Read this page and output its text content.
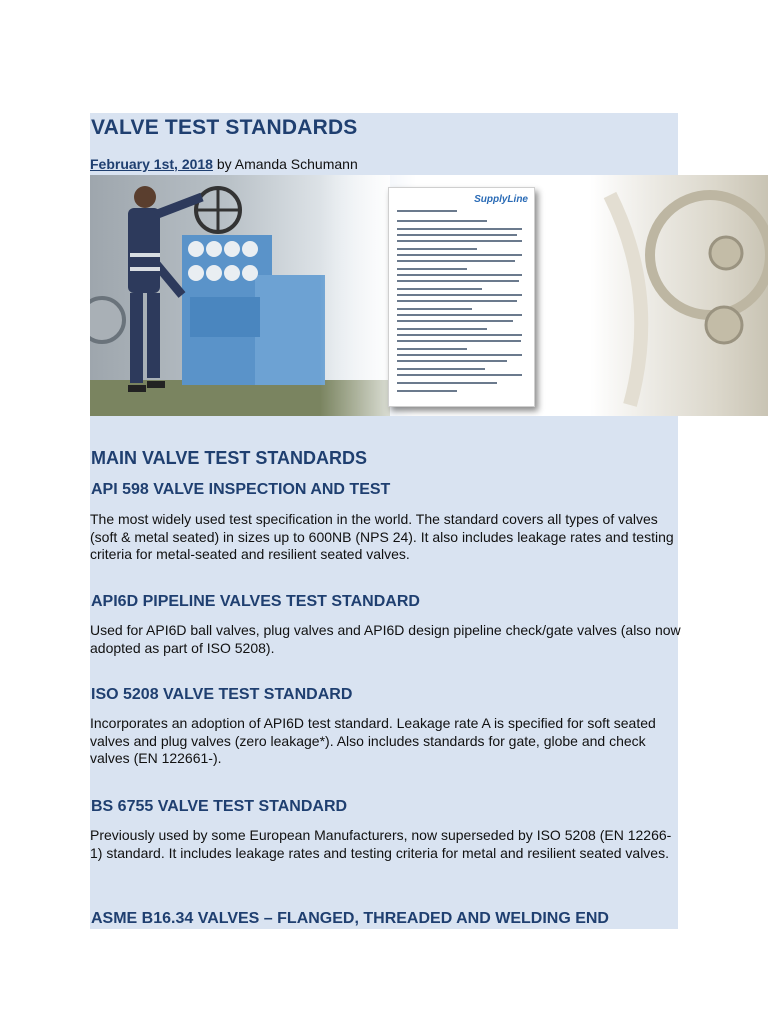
VALVE TEST STANDARDS
February 1st, 2018 by Amanda Schumann
SupplyLine
MAIN VALVE TEST STANDARDS
API 598 VALVE INSPECTION AND TEST
The most widely used test specification in the world. The standard covers all types of valves (soft & metal seated) in sizes up to 600NB (NPS 24). It also includes leakage rates and testing criteria for metal-seated and resilient seated valves.
API6D PIPELINE VALVES TEST STANDARD
Used for API6D ball valves, plug valves and API6D design pipeline check/gate valves (also now adopted as part of ISO 5208).
ISO 5208 VALVE TEST STANDARD
Incorporates an adoption of API6D test standard. Leakage rate A is specified for soft seated valves and plug valves (zero leakage*). Also includes standards for gate, globe and check valves (EN 122661-).
BS 6755 VALVE TEST STANDARD
Previously used by some European Manufacturers, now superseded by ISO 5208 (EN 12266-1) standard. It includes leakage rates and testing criteria for metal and resilient seated valves.
ASME B16.34 VALVES – FLANGED, THREADED AND WELDING END
